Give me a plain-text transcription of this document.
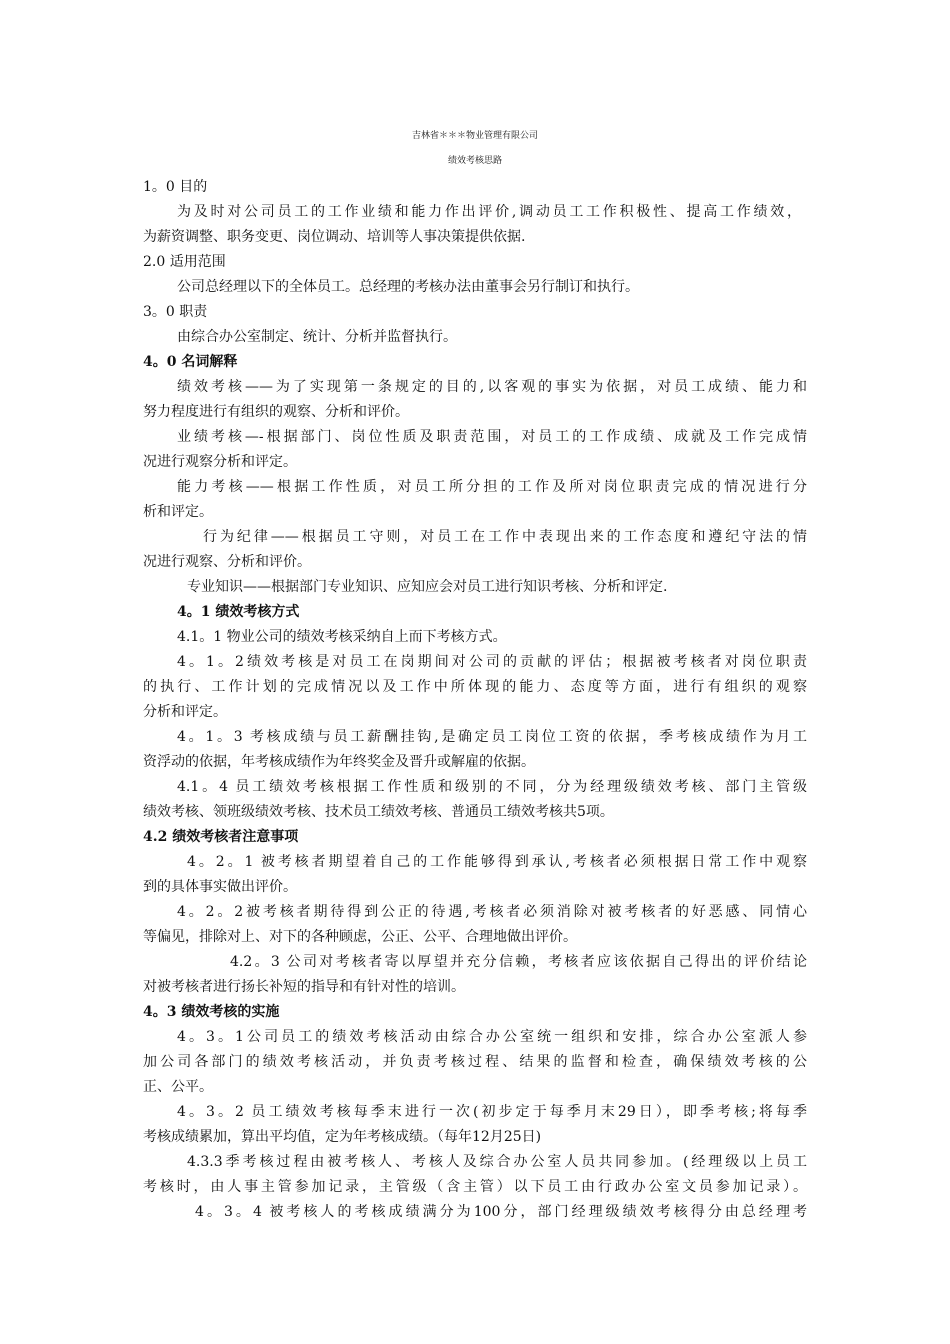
吉林省＊＊＊物业管理有限公司
绩效考核思路
1。0 目的
为及时对公司员工的工作业绩和能力作出评价,调动员工工作积极性、提高工作绩效，
为薪资调整、职务变更、岗位调动、培训等人事决策提供依据.
2.0 适用范围
公司总经理以下的全体员工。总经理的考核办法由董事会另行制订和执行。
3。0 职责
由综合办公室制定、统计、分析并监督执行。
4。0 名词解释
绩效考核——为了实现第一条规定的目的,以客观的事实为依据，对员工成绩、能力和
努力程度进行有组织的观察、分析和评价。
业绩考核—-根据部门、岗位性质及职责范围，对员工的工作成绩、成就及工作完成情
况进行观察分析和评定。
能力考核——根据工作性质，对员工所分担的工作及所对岗位职责完成的情况进行分
析和评定。
行为纪律——根据员工守则，对员工在工作中表现出来的工作态度和遵纪守法的情
况进行观察、分析和评价。
专业知识——根据部门专业知识、应知应会对员工进行知识考核、分析和评定.
4。1 绩效考核方式
4.1。1 物业公司的绩效考核采纳自上而下考核方式。
4。1。2绩效考核是对员工在岗期间对公司的贡献的评估；根据被考核者对岗位职责
的执行、工作计划的完成情况以及工作中所体现的能力、态度等方面，进行有组织的观察
分析和评定。
4。1。3 考核成绩与员工薪酬挂钩,是确定员工岗位工资的依据，季考核成绩作为月工
资浮动的依据，年考核成绩作为年终奖金及晋升或解雇的依据。
4.1。4 员工绩效考核根据工作性质和级别的不同，分为经理级绩效考核、部门主管级
绩效考核、领班级绩效考核、技术员工绩效考核、普通员工绩效考核共5项。
4.2 绩效考核者注意事项
4。2。1 被考核者期望着自己的工作能够得到承认,考核者必须根据日常工作中观察
到的具体事实做出评价。
4。2。2被考核者期待得到公正的待遇,考核者必须消除对被考核者的好恶感、同情心
等偏见，排除对上、对下的各种顾虑，公正、公平、合理地做出评价。
4.2。3 公司对考核者寄以厚望并充分信赖，考核者应该依据自己得出的评价结论
对被考核者进行扬长补短的指导和有针对性的培训。
4。3 绩效考核的实施
4。3。1公司员工的绩效考核活动由综合办公室统一组织和安排，综合办公室派人参
加公司各部门的绩效考核活动，并负责考核过程、结果的监督和检查，确保绩效考核的公
正、公平。
4。3。2 员工绩效考核每季末进行一次(初步定于每季月末29日），即季考核;将每季
考核成绩累加，算出平均值，定为年考核成绩。（每年12月25日)
4.3.3季考核过程由被考核人、考核人及综合办公室人员共同参加。(经理级以上员工
考核时，由人事主管参加记录，主管级（含主管）以下员工由行政办公室文员参加记录）。
4。3。4 被考核人的考核成绩满分为100分，部门经理级绩效考核得分由总经理考
